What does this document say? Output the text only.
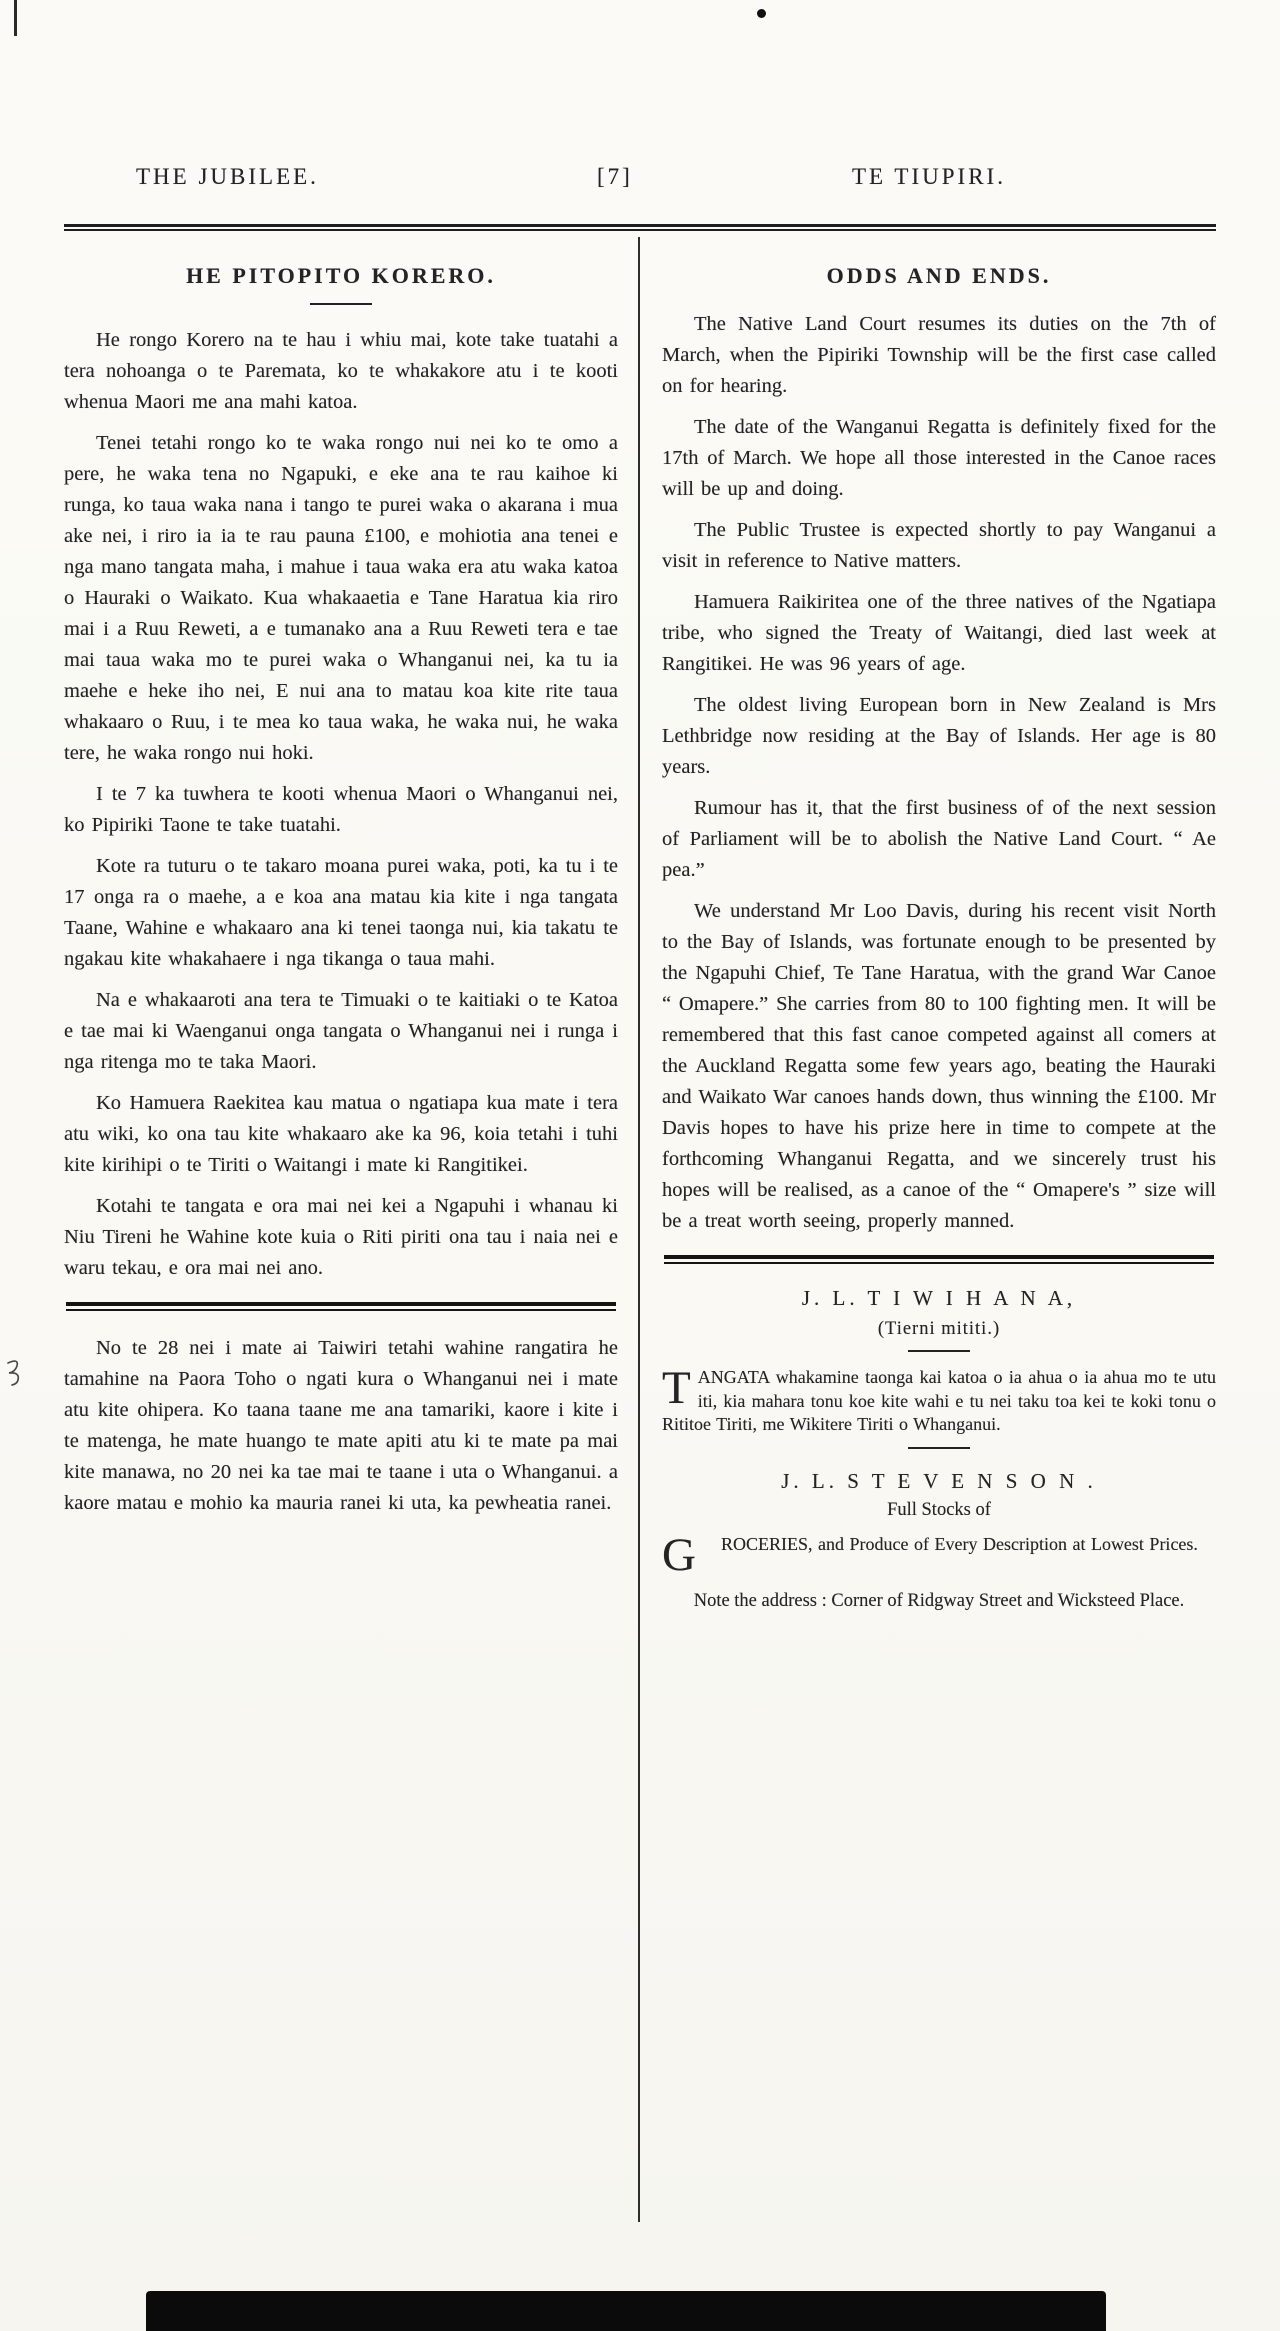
THE JUBILEE.	[7]	TE TIUPIRI.
HE PITOPITO KORERO.

He rongo Korero na te hau i whiu mai, kote take tuatahi a tera nohoanga o te Paremata, ko te whakakore atu i te kooti whenua Maori me ana mahi katoa.

Tenei tetahi rongo ko te waka rongo nui nei ko te omo a pere, he waka tena no Ngapuki, e eke ana te rau kaihoe ki runga, ko taua waka nana i tango te purei waka o akarana i mua ake nei, i riro ia ia te rau pauna £100, e mohiotia ana tenei e nga mano tangata maha, i mahue i taua waka era atu waka katoa o Hauraki o Waikato. Kua whakaaetia e Tane Haratua kia riro mai i a Ruu Reweti, a e tumanako ana a Ruu Reweti tera e tae mai taua waka mo te purei waka o Whanganui nei, ka tu ia maehe e heke iho nei, E nui ana to matau koa kite rite taua whakaaro o Ruu, i te mea ko taua waka, he waka nui, he waka tere, he waka rongo nui hoki.

I te 7 ka tuwhera te kooti whenua Maori o Whanganui nei, ko Pipiriki Taone te take tuatahi.

Kote ra tuturu o te takaro moana purei waka, poti, ka tu i te 17 onga ra o maehe, a e koa ana matau kia kite i nga tangata Taane, Wahine e whakaaro ana ki tenei taonga nui, kia takatu te ngakau kite whakahaere i nga tikanga o taua mahi.

Na e whakaaroti ana tera te Timuaki o te kaitiaki o te Katoa e tae mai ki Waenganui onga tangata o Whanganui nei i runga i nga ritenga mo te taka Maori.

Ko Hamuera Raekitea kau matua o ngatiapa kua mate i tera atu wiki, ko ona tau kite whakaaro ake ka 96, koia tetahi i tuhi kite kirihipi o te Tiriti o Waitangi i mate ki Rangitikei.

Kotahi te tangata e ora mai nei kei a Ngapuhi i whanau ki Niu Tireni he Wahine kote kuia o Riti piriti ona tau i naia nei e waru tekau, e ora mai nei ano.

No te 28 nei i mate ai Taiwiri tetahi wahine rangatira he tamahine na Paora Toho o ngati kura o Whanganui nei i mate atu kite ohipera. Ko taana taane me ana tamariki, kaore i kite i te matenga, he mate huango te mate apiti atu ki te mate pa mai kite manawa, no 20 nei ka tae mai te taane i uta o Whanganui. a kaore matau e mohio ka mauria ranei ki uta, ka pewheatia ranei.

ODDS AND ENDS.

The Native Land Court resumes its duties on the 7th of March, when the Pipiriki Township will be the first case called on for hearing.

The date of the Wanganui Regatta is definitely fixed for the 17th of March. We hope all those interested in the Canoe races will be up and doing.

The Public Trustee is expected shortly to pay Wanganui a visit in reference to Native matters.

Hamuera Raikiritea one of the three natives of the Ngatiapa tribe, who signed the Treaty of Waitangi, died last week at Rangitikei. He was 96 years of age.

The oldest living European born in New Zealand is Mrs Lethbridge now residing at the Bay of Islands. Her age is 80 years.

Rumour has it, that the first business of of the next session of Parliament will be to abolish the Native Land Court. “ Ae pea.”

We understand Mr Loo Davis, during his recent visit North to the Bay of Islands, was fortunate enough to be presented by the Ngapuhi Chief, Te Tane Haratua, with the grand War Canoe “ Omapere.” She carries from 80 to 100 fighting men. It will be remembered that this fast canoe competed against all comers at the Auckland Regatta some few years ago, beating the Hauraki and Waikato War canoes hands down, thus winning the £100. Mr Davis hopes to have his prize here in time to compete at the forthcoming Whanganui Regatta, and we sincerely trust his hopes will be realised, as a canoe of the “ Omapere's ” size will be a treat worth seeing, properly manned.

J. L. T I W I H A N A,
(Tierni mititi.)

TANGATA whakamine taonga kai katoa o ia ahua o ia ahua mo te utu iti, kia mahara tonu koe kite wahi e tu nei taku toa kei te koki tonu o Rititoe Tiriti, me Wikitere Tiriti o Whanganui.

J. L. S T E V E N S O N .
Full Stocks of

G	ROCERIES, and Produce of Every Description at Lowest Prices.

Note the address : Corner of Ridgway Street and Wicksteed Place.
